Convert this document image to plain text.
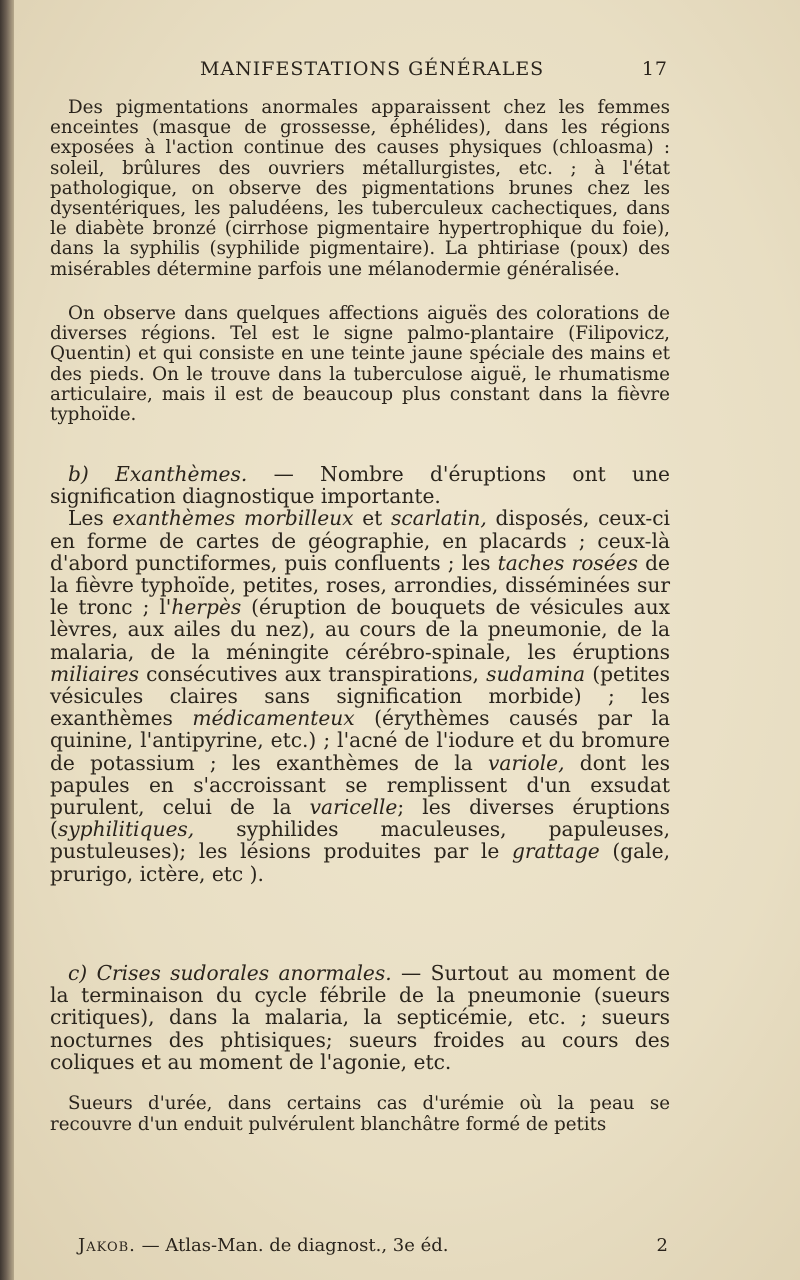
MANIFESTATIONS GÉNÉRALES	17

Des pigmentations anormales apparaissent chez les femmes enceintes (masque de grossesse, éphélides), dans les régions exposées à l'action continue des causes physiques (chloasma) : soleil, brûlures des ouvriers métallurgistes, etc. ; à l'état pathologique, on observe des pigmentations brunes chez les dysentériques, les paludéens, les tuberculeux cachectiques, dans le diabète bronzé (cirrhose pigmentaire hypertrophique du foie), dans la syphilis (syphilide pigmentaire). La phtiriase (poux) des misérables détermine parfois une mélanodermie généralisée.

On observe dans quelques affections aiguës des colorations de diverses régions. Tel est le signe palmo-plantaire (Filipovicz, Quentin) et qui consiste en une teinte jaune spéciale des mains et des pieds. On le trouve dans la tuberculose aiguë, le rhumatisme articulaire, mais il est de beaucoup plus constant dans la fièvre typhoïde.

b) Exanthèmes. — Nombre d'éruptions ont une signification diagnostique importante.

Les exanthèmes morbilleux et scarlatin, disposés, ceux-ci en forme de cartes de géographie, en placards ; ceux-là d'abord punctiformes, puis confluents ; les taches rosées de la fièvre typhoïde, petites, roses, arrondies, disséminées sur le tronc ; l'herpès (éruption de bouquets de vésicules aux lèvres, aux ailes du nez), au cours de la pneumonie, de la malaria, de la méningite cérébro-spinale, les éruptions miliaires consécutives aux transpirations, sudamina (petites vésicules claires sans signification morbide) ; les exanthèmes médicamenteux (érythèmes causés par la quinine, l'antipyrine, etc.) ; l'acné de l'iodure et du bromure de potassium ; les exanthèmes de la variole, dont les papules en s'accroissant se remplissent d'un exsudat purulent, celui de la varicelle; les diverses éruptions (syphilitiques, syphilides maculeuses, papuleuses, pustuleuses); les lésions produites par le grattage (gale, prurigo, ictère, etc ).

c) Crises sudorales anormales. — Surtout au moment de la terminaison du cycle fébrile de la pneumonie (sueurs critiques), dans la malaria, la septicémie, etc. ; sueurs nocturnes des phtisiques; sueurs froides au cours des coliques et au moment de l'agonie, etc.

Sueurs d'urée, dans certains cas d'urémie où la peau se recouvre d'un enduit pulvérulent blanchâtre formé de petits

Jakob. — Atlas-Man. de diagnost., 3e éd.	2
